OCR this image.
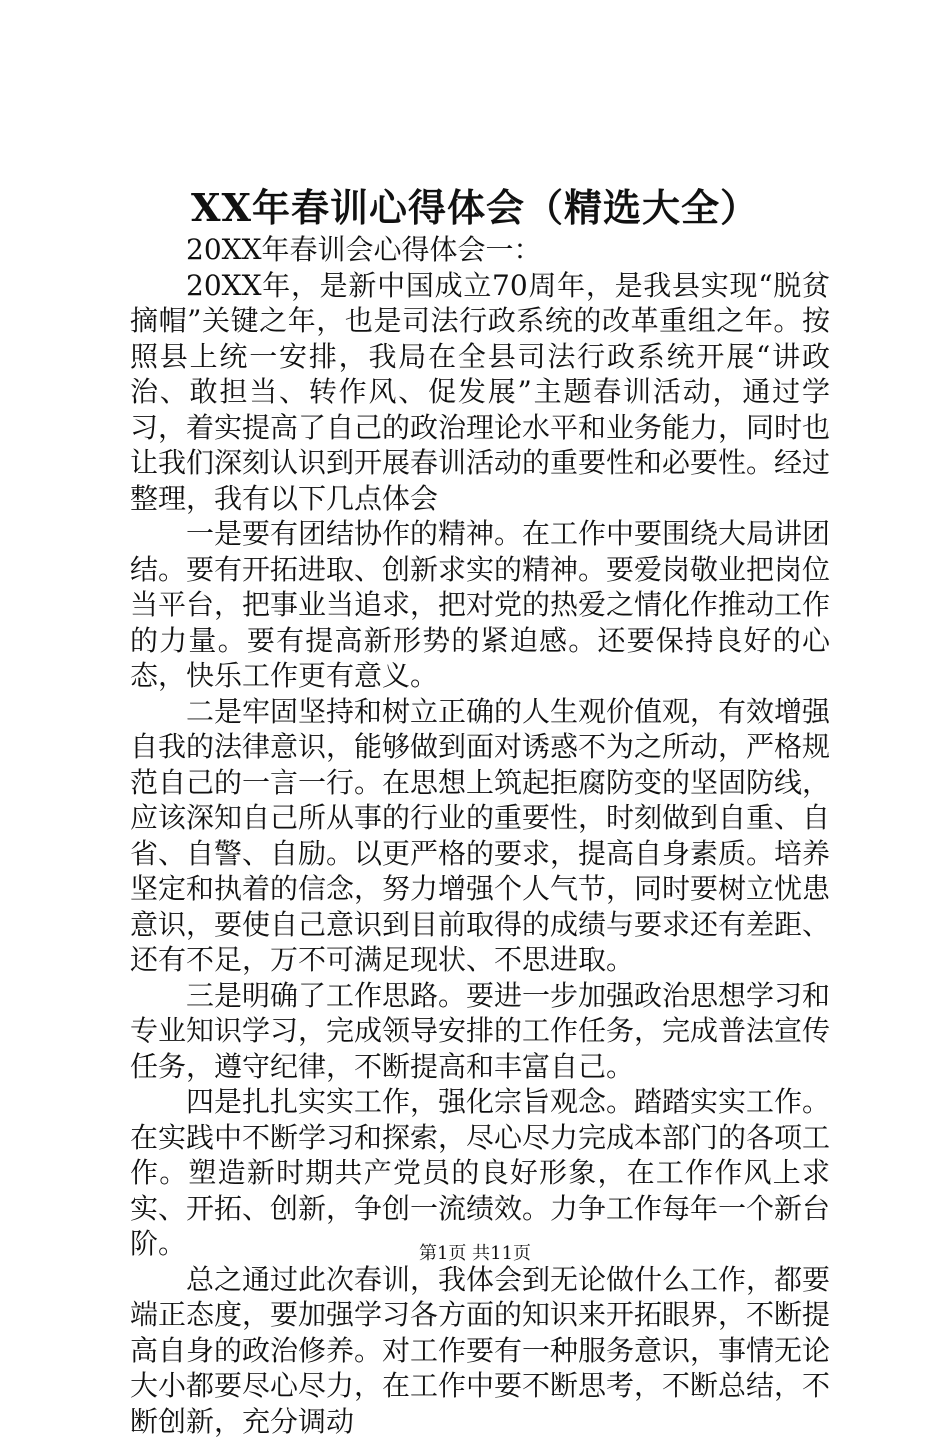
XX年春训心得体会（精选大全）

20XX年春训会心得体会一：

20XX年，是新中国成立70周年，是我县实现“脱贫摘帽”关键之年，也是司法行政系统的改革重组之年。按照县上统一安排，我局在全县司法行政系统开展“讲政治、敢担当、转作风、促发展”主题春训活动，通过学习，着实提高了自己的政治理论水平和业务能力，同时也让我们深刻认识到开展春训活动的重要性和必要性。经过整理，我有以下几点体会

一是要有团结协作的精神。在工作中要围绕大局讲团结。要有开拓进取、创新求实的精神。要爱岗敬业把岗位当平台，把事业当追求，把对党的热爱之情化作推动工作的力量。要有提高新形势的紧迫感。还要保持良好的心态，快乐工作更有意义。

二是牢固坚持和树立正确的人生观价值观，有效增强自我的法律意识，能够做到面对诱惑不为之所动，严格规范自己的一言一行。在思想上筑起拒腐防变的坚固防线，应该深知自己所从事的行业的重要性，时刻做到自重、自省、自警、自励。以更严格的要求，提高自身素质。培养坚定和执着的信念，努力增强个人气节，同时要树立忧患意识，要使自己意识到目前取得的成绩与要求还有差距、还有不足，万不可满足现状、不思进取。

三是明确了工作思路。要进一步加强政治思想学习和专业知识学习，完成领导安排的工作任务，完成普法宣传任务，遵守纪律，不断提高和丰富自己。

四是扎扎实实工作，强化宗旨观念。踏踏实实工作。在实践中不断学习和探索，尽心尽力完成本部门的各项工作。塑造新时期共产党员的良好形象，在工作作风上求实、开拓、创新，争创一流绩效。力争工作每年一个新台阶。

总之通过此次春训，我体会到无论做什么工作，都要端正态度，要加强学习各方面的知识来开拓眼界，不断提高自身的政治修养。对工作要有一种服务意识，事情无论大小都要尽心尽力，在工作中要不断思考，不断总结，不断创新，充分调动

第1页 共11页
